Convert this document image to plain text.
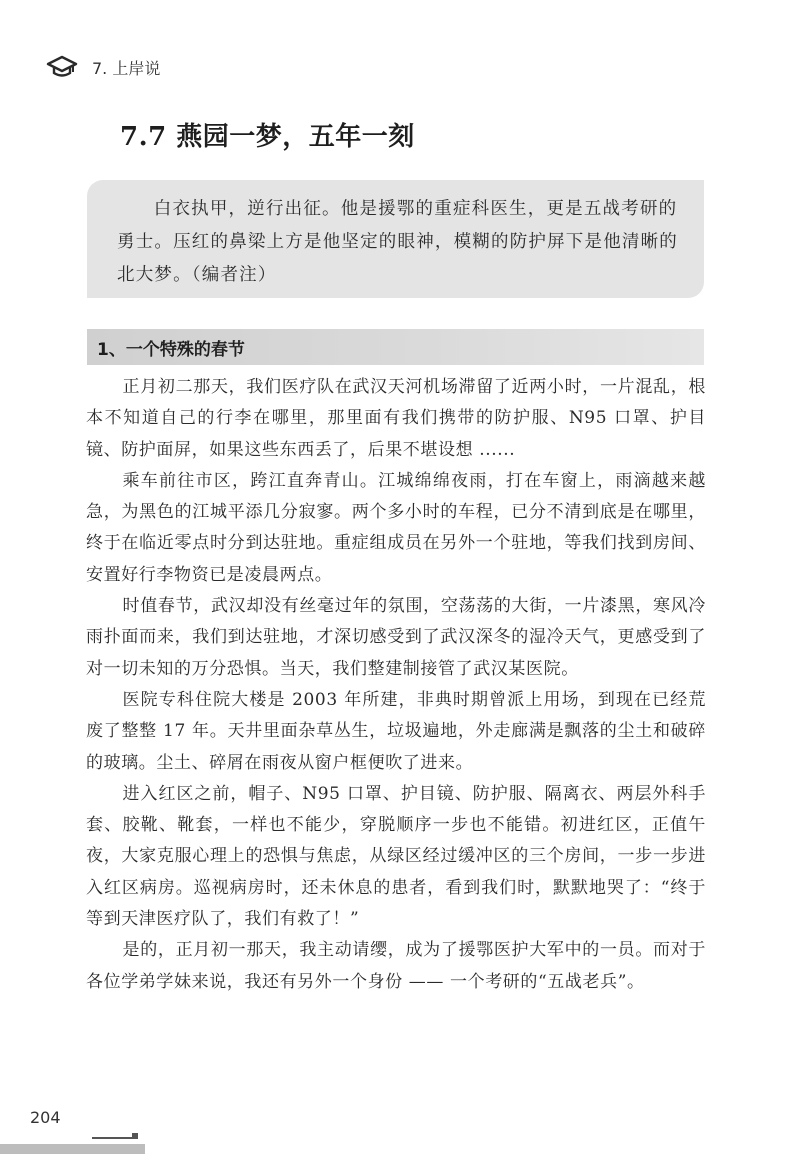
7. 上岸说
7.7 燕园一梦，五年一刻

白衣执甲，逆行出征。他是援鄂的重症科医生，更是五战考研的勇士。压红的鼻梁上方是他坚定的眼神，模糊的防护屏下是他清晰的北大梦。（编者注）

1、一个特殊的春节

正月初二那天，我们医疗队在武汉天河机场滞留了近两小时，一片混乱，根本不知道自己的行李在哪里，那里面有我们携带的防护服、N95 口罩、护目镜、防护面屏，如果这些东西丢了，后果不堪设想 ......

乘车前往市区，跨江直奔青山。江城绵绵夜雨，打在车窗上，雨滴越来越急，为黑色的江城平添几分寂寥。两个多小时的车程，已分不清到底是在哪里，终于在临近零点时分到达驻地。重症组成员在另外一个驻地，等我们找到房间、安置好行李物资已是凌晨两点。

时值春节，武汉却没有丝毫过年的氛围，空荡荡的大街，一片漆黑，寒风冷雨扑面而来，我们到达驻地，才深切感受到了武汉深冬的湿冷天气，更感受到了对一切未知的万分恐惧。当天，我们整建制接管了武汉某医院。

医院专科住院大楼是 2003 年所建，非典时期曾派上用场，到现在已经荒废了整整 17 年。天井里面杂草丛生，垃圾遍地，外走廊满是飘落的尘土和破碎的玻璃。尘土、碎屑在雨夜从窗户框便吹了进来。

进入红区之前，帽子、N95 口罩、护目镜、防护服、隔离衣、两层外科手套、胶靴、靴套，一样也不能少，穿脱顺序一步也不能错。初进红区，正值午夜，大家克服心理上的恐惧与焦虑，从绿区经过缓冲区的三个房间，一步一步进入红区病房。巡视病房时，还未休息的患者，看到我们时，默默地哭了：“终于等到天津医疗队了，我们有救了！”

是的，正月初一那天，我主动请缨，成为了援鄂医护大军中的一员。而对于各位学弟学妹来说，我还有另外一个身份 —— 一个考研的“五战老兵”。

204
